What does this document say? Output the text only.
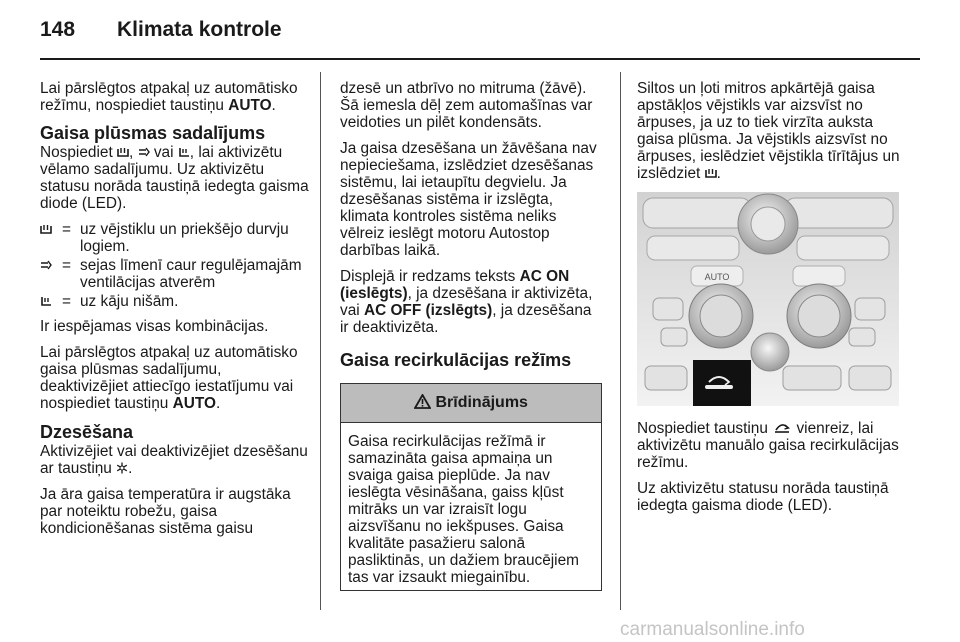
148 Klimata kontrole

Lai pārslēgtos atpakaļ uz automātisko režīmu, nospiediet taustiņu AUTO.

Gaisa plūsmas sadalījums

Nospiediet ,  vai , lai aktivizētu vēlamo sadalījumu. Uz aktivizētu statusu norāda taustiņā iedegta gaisma diode (LED).

= uz vējstiklu un priekšējo durvju logiem.
= sejas līmenī caur regulējamajām ventilācijas atverēm
= uz kāju nišām.

Ir iespējamas visas kombinācijas.

Lai pārslēgtos atpakaļ uz automātisko gaisa plūsmas sadalījumu, deaktivizējiet attiecīgo iestatījumu vai nospiediet taustiņu AUTO.

Dzesēšana

Aktivizējiet vai deaktivizējiet dzesēšanu ar taustiņu .

Ja āra gaisa temperatūra ir augstāka par noteiktu robežu, gaisa kondicionēšanas sistēma gaisu

dzesē un atbrīvo no mitruma (žāvē). Šā iemesla dēļ zem automašīnas var veidoties un pilēt kondensāts.

Ja gaisa dzesēšana un žāvēšana nav nepieciešama, izslēdziet dzesēšanas sistēmu, lai ietaupītu degvielu. Ja dzesēšanas sistēma ir izslēgta, klimata kontroles sistēma neliks vēlreiz ieslēgt motoru Autostop darbības laikā.

Displejā ir redzams teksts AC ON (ieslēgts), ja dzesēšana ir aktivizēta, vai AC OFF (izslēgts), ja dzesēšana ir deaktivizēta.

Gaisa recirkulācijas režīms
Brīdinājums
Gaisa recirkulācijas režīmā ir samazināta gaisa apmaiņa un svaiga gaisa pieplūde. Ja nav ieslēgta vēsināšana, gaiss kļūst mitrāks un var izraisīt logu aizsvīšanu no iekšpuses. Gaisa kvalitāte pasažieru salonā pasliktinās, un dažiem braucējiem tas var izsaukt miegainību.

Siltos un ļoti mitros apkārtējā gaisa apstākļos vējstikls var aizsvīst no ārpuses, ja uz to tiek virzīta auksta gaisa plūsma. Ja vējstikls aizsvīst no ārpuses, ieslēdziet vējstikla tīrītājus un izslēdziet .

AUTO

Nospiediet taustiņu  vienreiz, lai aktivizētu manuālo gaisa recirkulācijas režīmu.

Uz aktivizētu statusu norāda taustiņā iedegta gaisma diode (LED).

carmanualsonline.info
